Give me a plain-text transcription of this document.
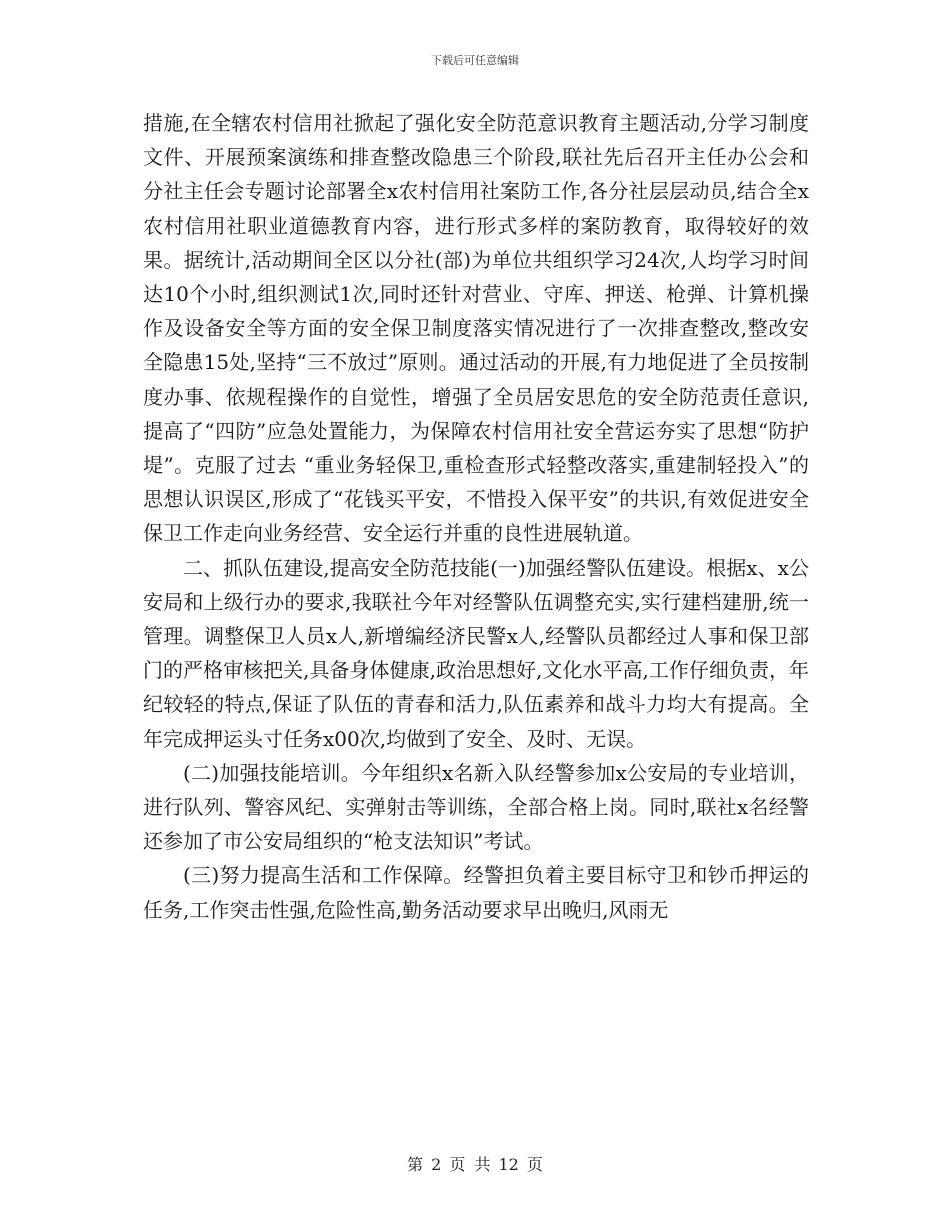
下载后可任意编辑

措施,在全辖农村信用社掀起了强化安全防范意识教育主题活动,分学习制度文件、开展预案演练和排查整改隐患三个阶段,联社先后召开主任办公会和分社主任会专题讨论部署全x农村信用社案防工作,各分社层层动员,结合全x农村信用社职业道德教育内容，进行形式多样的案防教育，取得较好的效果。据统计,活动期间全区以分社(部)为单位共组织学习24次,人均学习时间达10个小时,组织测试1次,同时还针对营业、守库、押送、枪弹、计算机操作及设备安全等方面的安全保卫制度落实情况进行了一次排查整改,整改安全隐患15处,坚持“三不放过”原则。通过活动的开展,有力地促进了全员按制度办事、依规程操作的自觉性，增强了全员居安思危的安全防范责任意识,提高了“四防”应急处置能力，为保障农村信用社安全营运夯实了思想“防护堤”。克服了过去 “重业务轻保卫,重检查形式轻整改落实,重建制轻投入”的思想认识误区,形成了“花钱买平安，不惜投入保平安”的共识,有效促进安全保卫工作走向业务经营、安全运行并重的良性进展轨道。

二、抓队伍建设,提高安全防范技能(一)加强经警队伍建设。根据x、x公安局和上级行办的要求,我联社今年对经警队伍调整充实,实行建档建册,统一管理。调整保卫人员x人,新增编经济民警x人,经警队员都经过人事和保卫部门的严格审核把关,具备身体健康,政治思想好,文化水平高,工作仔细负责，年纪较轻的特点,保证了队伍的青春和活力,队伍素养和战斗力均大有提高。全年完成押运头寸任务x00次,均做到了安全、及时、无误。

(二)加强技能培训。今年组织x名新入队经警参加x公安局的专业培训，进行队列、警容风纪、实弹射击等训练，全部合格上岗。同时,联社x名经警还参加了市公安局组织的“枪支法知识”考试。

(三)努力提高生活和工作保障。经警担负着主要目标守卫和钞币押运的任务,工作突击性强,危险性高,勤务活动要求早出晚归,风雨无

第 2 页 共 12 页
